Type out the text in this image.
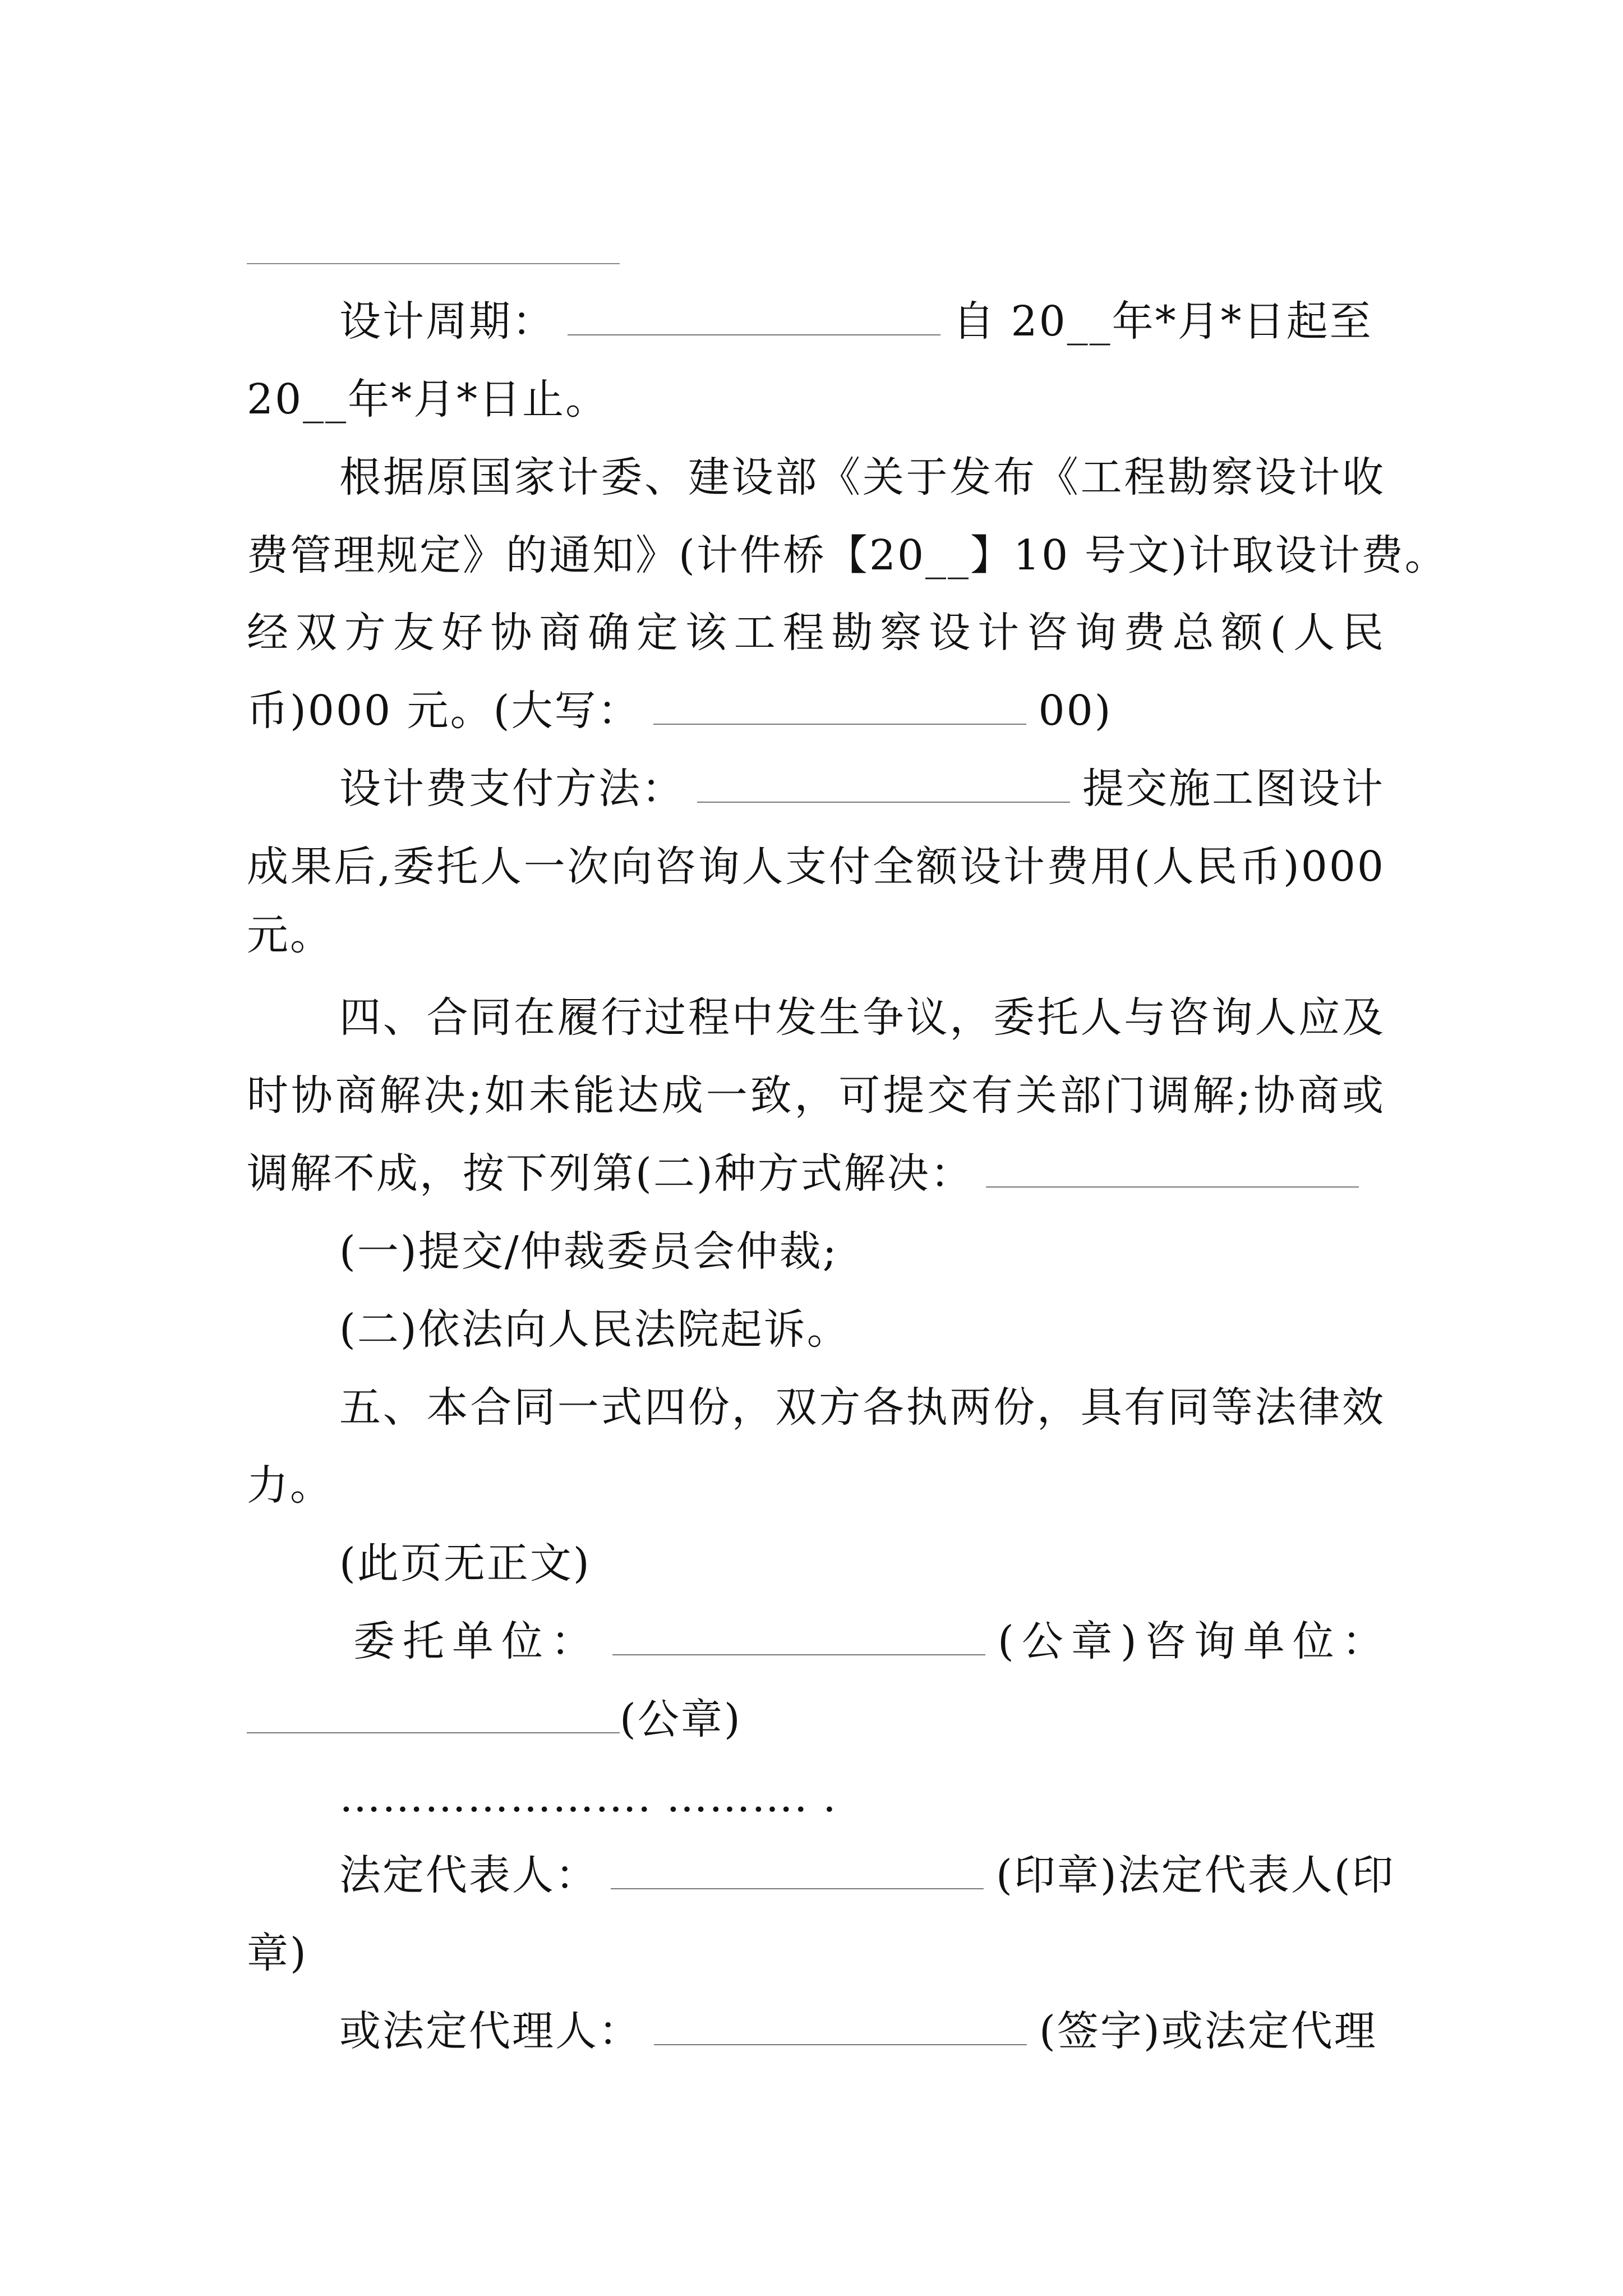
设计周期：	自 20__年*月*日起至
20__年*月*日止。
根据原国家计委、建设部《关于发布《工程勘察设计收
费管理规定》的通知》(计件桥【20__】10 号文)计取设计费。
经双方友好协商确定该工程勘察设计咨询费总额(人民
币)000 元。(大写：	00)
设计费支付方法：	提交施工图设计
成果后,委托人一次向咨询人支付全额设计费用(人民币)000
元。
四、合同在履行过程中发生争议，委托人与咨询人应及
时协商解决;如未能达成一致，可提交有关部门调解;协商或
调解不成，按下列第(二)种方式解决：
(一)提交/仲裁委员会仲裁;
(二)依法向人民法院起诉。
五、本合同一式四份，双方各执两份，具有同等法律效
力。
(此页无正文)
委托单位：	(公章)咨询单位：
(公章)
…………………. ………. .
法定代表人：	(印章)法定代表人(印
章)
或法定代理人：	(签字)或法定代理
